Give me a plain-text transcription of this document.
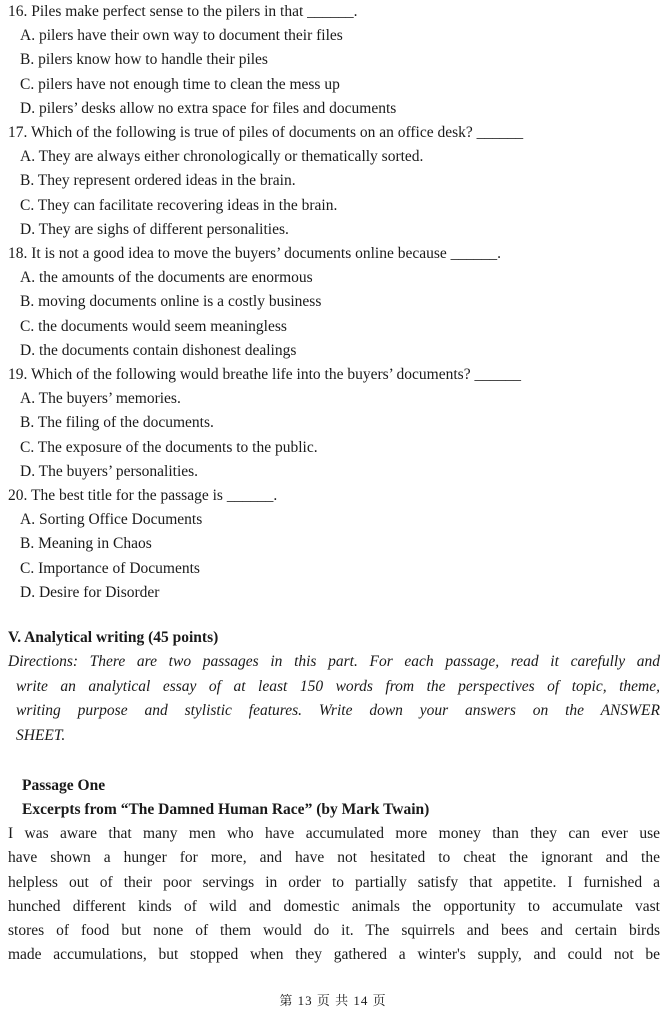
16. Piles make perfect sense to the pilers in that ______.
A. pilers have their own way to document their files
B. pilers know how to handle their piles
C. pilers have not enough time to clean the mess up
D. pilers’ desks allow no extra space for files and documents
17. Which of the following is true of piles of documents on an office desk? ______
A. They are always either chronologically or thematically sorted.
B. They represent ordered ideas in the brain.
C. They can facilitate recovering ideas in the brain.
D. They are sighs of different personalities.
18. It is not a good idea to move the buyers’ documents online because ______.
A. the amounts of the documents are enormous
B. moving documents online is a costly business
C. the documents would seem meaningless
D. the documents contain dishonest dealings
19. Which of the following would breathe life into the buyers’ documents? ______
A. The buyers’ memories.
B. The filing of the documents.
C. The exposure of the documents to the public.
D. The buyers’ personalities.
20. The best title for the passage is ______.
A. Sorting Office Documents
B. Meaning in Chaos
C. Importance of Documents
D. Desire for Disorder
V. Analytical writing (45 points)
Directions: There are two passages in this part. For each passage, read it carefully and
write an analytical essay of at least 150 words from the perspectives of topic, theme,
writing purpose and stylistic features. Write down your answers on the ANSWER
SHEET.
Passage One
Excerpts from “The Damned Human Race” (by Mark Twain)
I was aware that many men who have accumulated more money than they can ever use
have shown a hunger for more, and have not hesitated to cheat the ignorant and the
helpless out of their poor servings in order to partially satisfy that appetite. I furnished a
hunched different kinds of wild and domestic animals the opportunity to accumulate vast
stores of food but none of them would do it. The squirrels and bees and certain birds
made accumulations, but stopped when they gathered a winter's supply, and could not be
第 13 页 共 14 页
